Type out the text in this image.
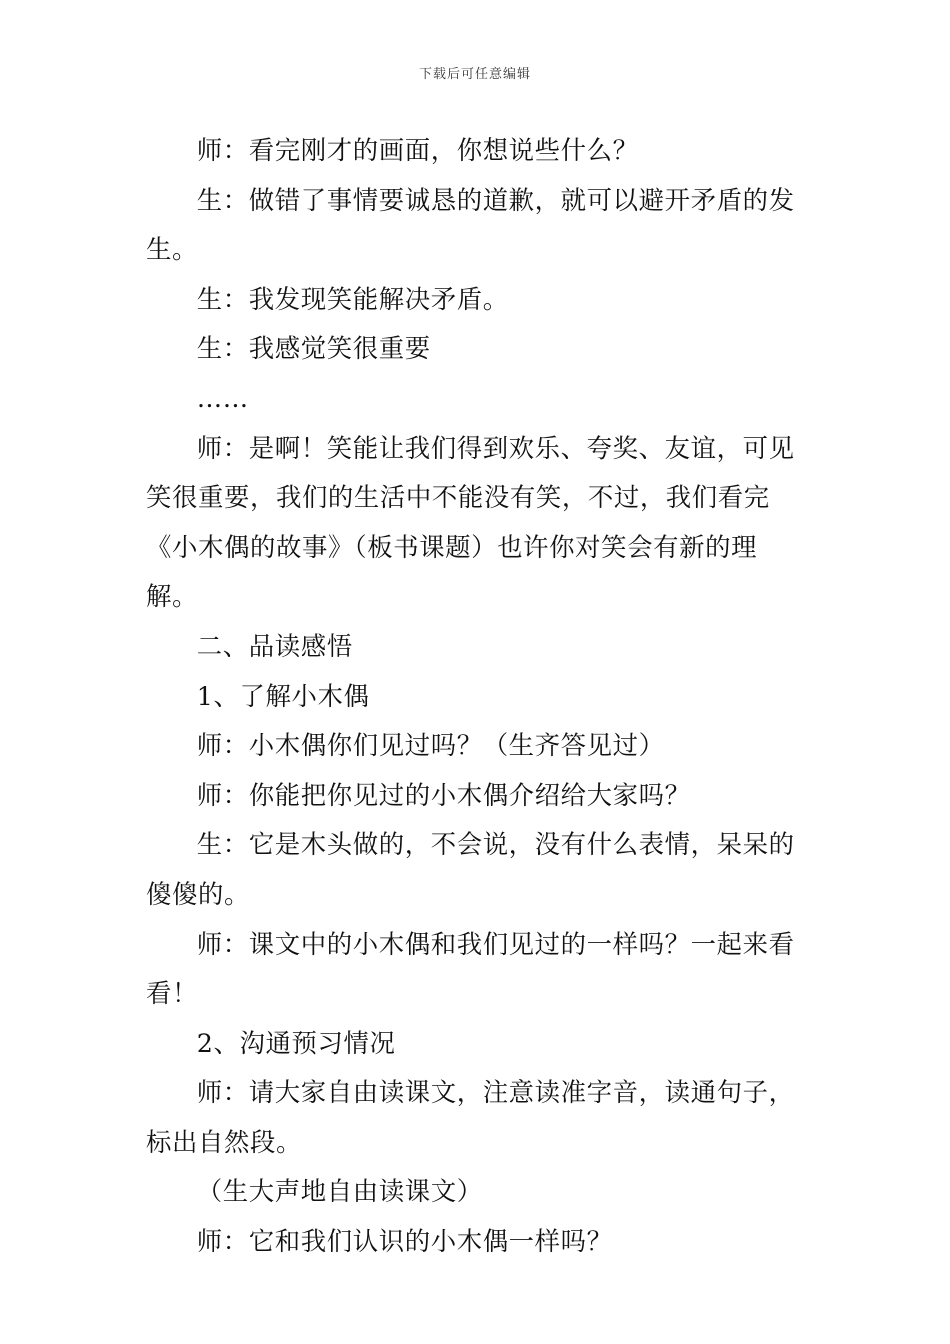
下载后可任意编辑

师：看完刚才的画面，你想说些什么？

生：做错了事情要诚恳的道歉，就可以避开矛盾的发生。

生：我发现笑能解决矛盾。

生：我感觉笑很重要

……

师：是啊！笑能让我们得到欢乐、夸奖、友谊，可见笑很重要，我们的生活中不能没有笑，不过，我们看完《小木偶的故事》（板书课题）也许你对笑会有新的理解。

二、品读感悟

1、了解小木偶

师：小木偶你们见过吗？（生齐答见过）

师：你能把你见过的小木偶介绍给大家吗？

生：它是木头做的，不会说，没有什么表情，呆呆的傻傻的。

师：课文中的小木偶和我们见过的一样吗？一起来看看！

2、沟通预习情况

师：请大家自由读课文，注意读准字音，读通句子，标出自然段。

（生大声地自由读课文）

师：它和我们认识的小木偶一样吗？
